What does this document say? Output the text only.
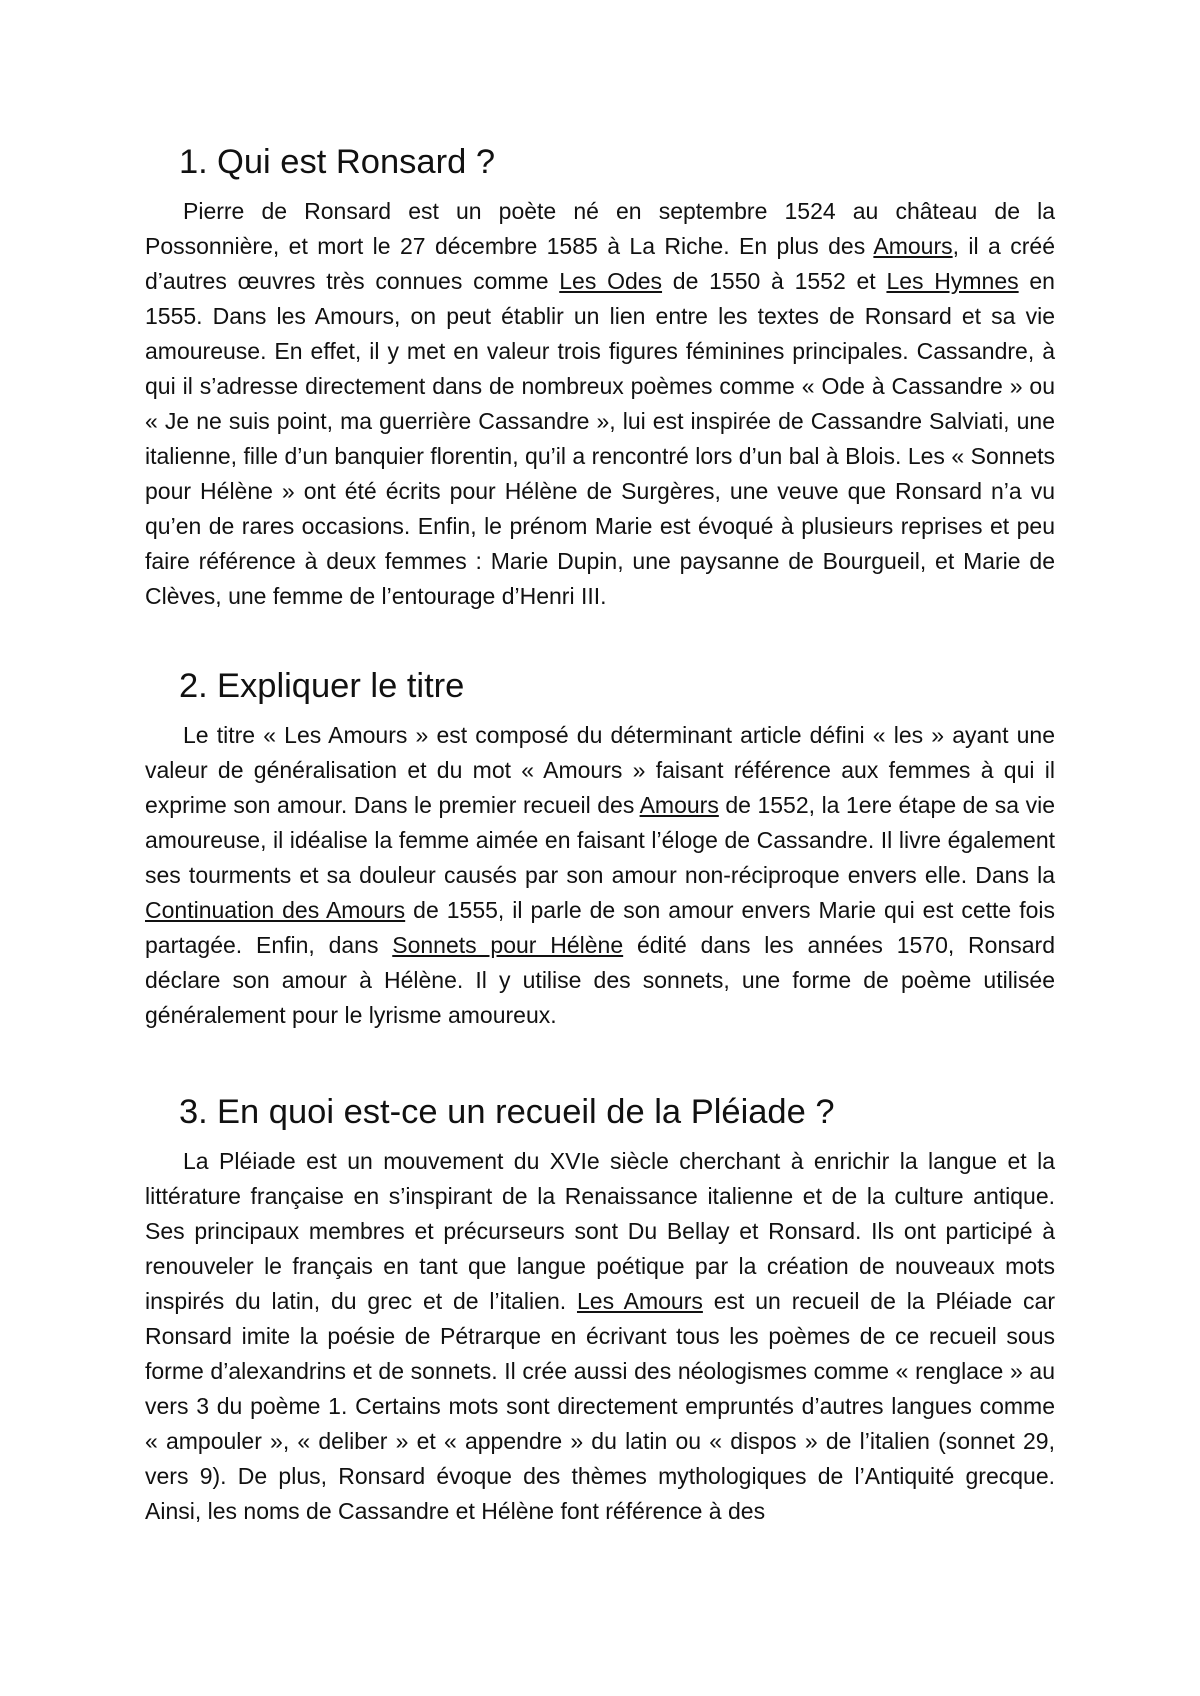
1. Qui est Ronsard ?

Pierre de Ronsard est un poète né en septembre 1524 au château de la Possonnière, et mort le 27 décembre 1585 à La Riche. En plus des Amours, il a créé d’autres œuvres très connues comme Les Odes de 1550 à 1552 et Les Hymnes en 1555. Dans les Amours, on peut établir un lien entre les textes de Ronsard et sa vie amoureuse. En effet, il y met en valeur trois figures féminines principales. Cassandre, à qui il s’adresse directement dans de nombreux poèmes comme « Ode à Cassandre » ou « Je ne suis point, ma guerrière Cassandre », lui est inspirée de Cassandre Salviati, une italienne, fille d’un banquier florentin, qu’il a rencontré lors d’un bal à Blois. Les « Sonnets pour Hélène » ont été écrits pour Hélène de Surgères, une veuve que Ronsard n’a vu qu’en de rares occasions. Enfin, le prénom Marie est évoqué à plusieurs reprises et peu faire référence à deux femmes : Marie Dupin, une paysanne de Bourgueil, et Marie de Clèves, une femme de l’entourage d’Henri III.

2. Expliquer le titre

Le titre « Les Amours » est composé du déterminant article défini « les » ayant une valeur de généralisation et du mot « Amours » faisant référence aux femmes à qui il exprime son amour. Dans le premier recueil des Amours de 1552, la 1ere étape de sa vie amoureuse, il idéalise la femme aimée en faisant l’éloge de Cassandre. Il livre également ses tourments et sa douleur causés par son amour non-réciproque envers elle. Dans la Continuation des Amours de 1555, il parle de son amour envers Marie qui est cette fois partagée. Enfin, dans Sonnets pour Hélène édité dans les années 1570, Ronsard déclare son amour à Hélène. Il y utilise des sonnets, une forme de poème utilisée généralement pour le lyrisme amoureux.

3. En quoi est-ce un recueil de la Pléiade ?

La Pléiade est un mouvement du XVIe siècle cherchant à enrichir la langue et la littérature française en s’inspirant de la Renaissance italienne et de la culture antique. Ses principaux membres et précurseurs sont Du Bellay et Ronsard. Ils ont participé à renouveler le français en tant que langue poétique par la création de nouveaux mots inspirés du latin, du grec et de l’italien. Les Amours est un recueil de la Pléiade car Ronsard imite la poésie de Pétrarque en écrivant tous les poèmes de ce recueil sous forme d’alexandrins et de sonnets. Il crée aussi des néologismes comme « renglace » au vers 3 du poème 1. Certains mots sont directement empruntés d’autres langues comme « ampouler », « deliber » et « appendre » du latin ou « dispos » de l’italien (sonnet 29, vers 9). De plus, Ronsard évoque des thèmes mythologiques de l’Antiquité grecque. Ainsi, les noms de Cassandre et Hélène font référence à des
